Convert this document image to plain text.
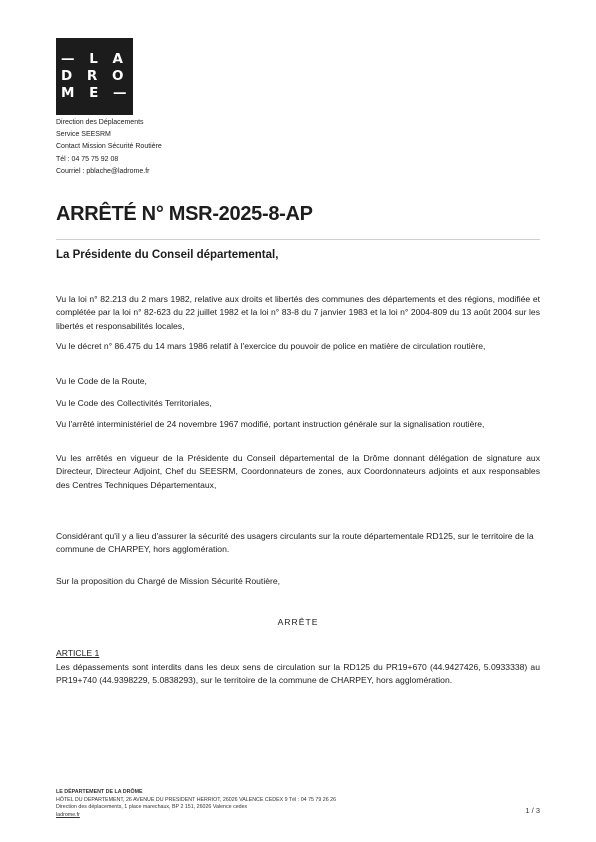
— L A
D R O
M E —
Direction des Déplacements
Service SEESRM
Contact Mission Sécurité Routière
Tél : 04 75 75 92 08
Courriel : pblache@ladrome.fr
ARRÊTÉ N° MSR-2025-8-AP
La Présidente du Conseil départemental,
Vu la loi n° 82.213 du 2 mars 1982, relative aux droits et libertés des communes des départements et des régions, modifiée et complétée par la loi n° 82-623 du 22 juillet 1982 et la loi n° 83-8 du 7 janvier 1983 et la loi n° 2004-809 du 13 août 2004 sur les libertés et responsabilités locales,
Vu le décret n° 86.475 du 14 mars 1986 relatif à l'exercice du pouvoir de police en matière de circulation routière,
Vu le Code de la Route,
Vu le Code des Collectivités Territoriales,
Vu l'arrêté interministériel de 24 novembre 1967 modifié, portant instruction générale sur la signalisation routière,
Vu les arrêtés en vigueur de la Présidente du Conseil départemental de la Drôme donnant délégation de signature aux Directeur, Directeur Adjoint, Chef du SEESRM, Coordonnateurs de zones, aux Coordonnateurs adjoints et aux responsables des Centres Techniques Départementaux,
Considérant qu'il y a lieu d'assurer la sécurité des usagers circulants sur la route départementale RD125, sur le territoire de la commune de CHARPEY, hors agglomération.
Sur la proposition du Chargé de Mission Sécurité Routière,
ARRÊTE
ARTICLE 1
Les dépassements sont interdits dans les deux sens de circulation sur la RD125 du PR19+670 (44.9427426, 5.0933338) au PR19+740 (44.9398229, 5.0838293), sur le territoire de la commune de CHARPEY, hors agglomération.
LE DÉPARTEMENT DE LA DRÔME
HÔTEL DU DEPARTEMENT, 26 AVENUE DU PRESIDENT HERRIOT, 26026 VALENCE CEDEX 9 Tél : 04 75 79 26 26
Direction des déplacements, 1 place marechaux, BP 2 151, 26026 Valence cedex
ladrome.fr	1 / 3
